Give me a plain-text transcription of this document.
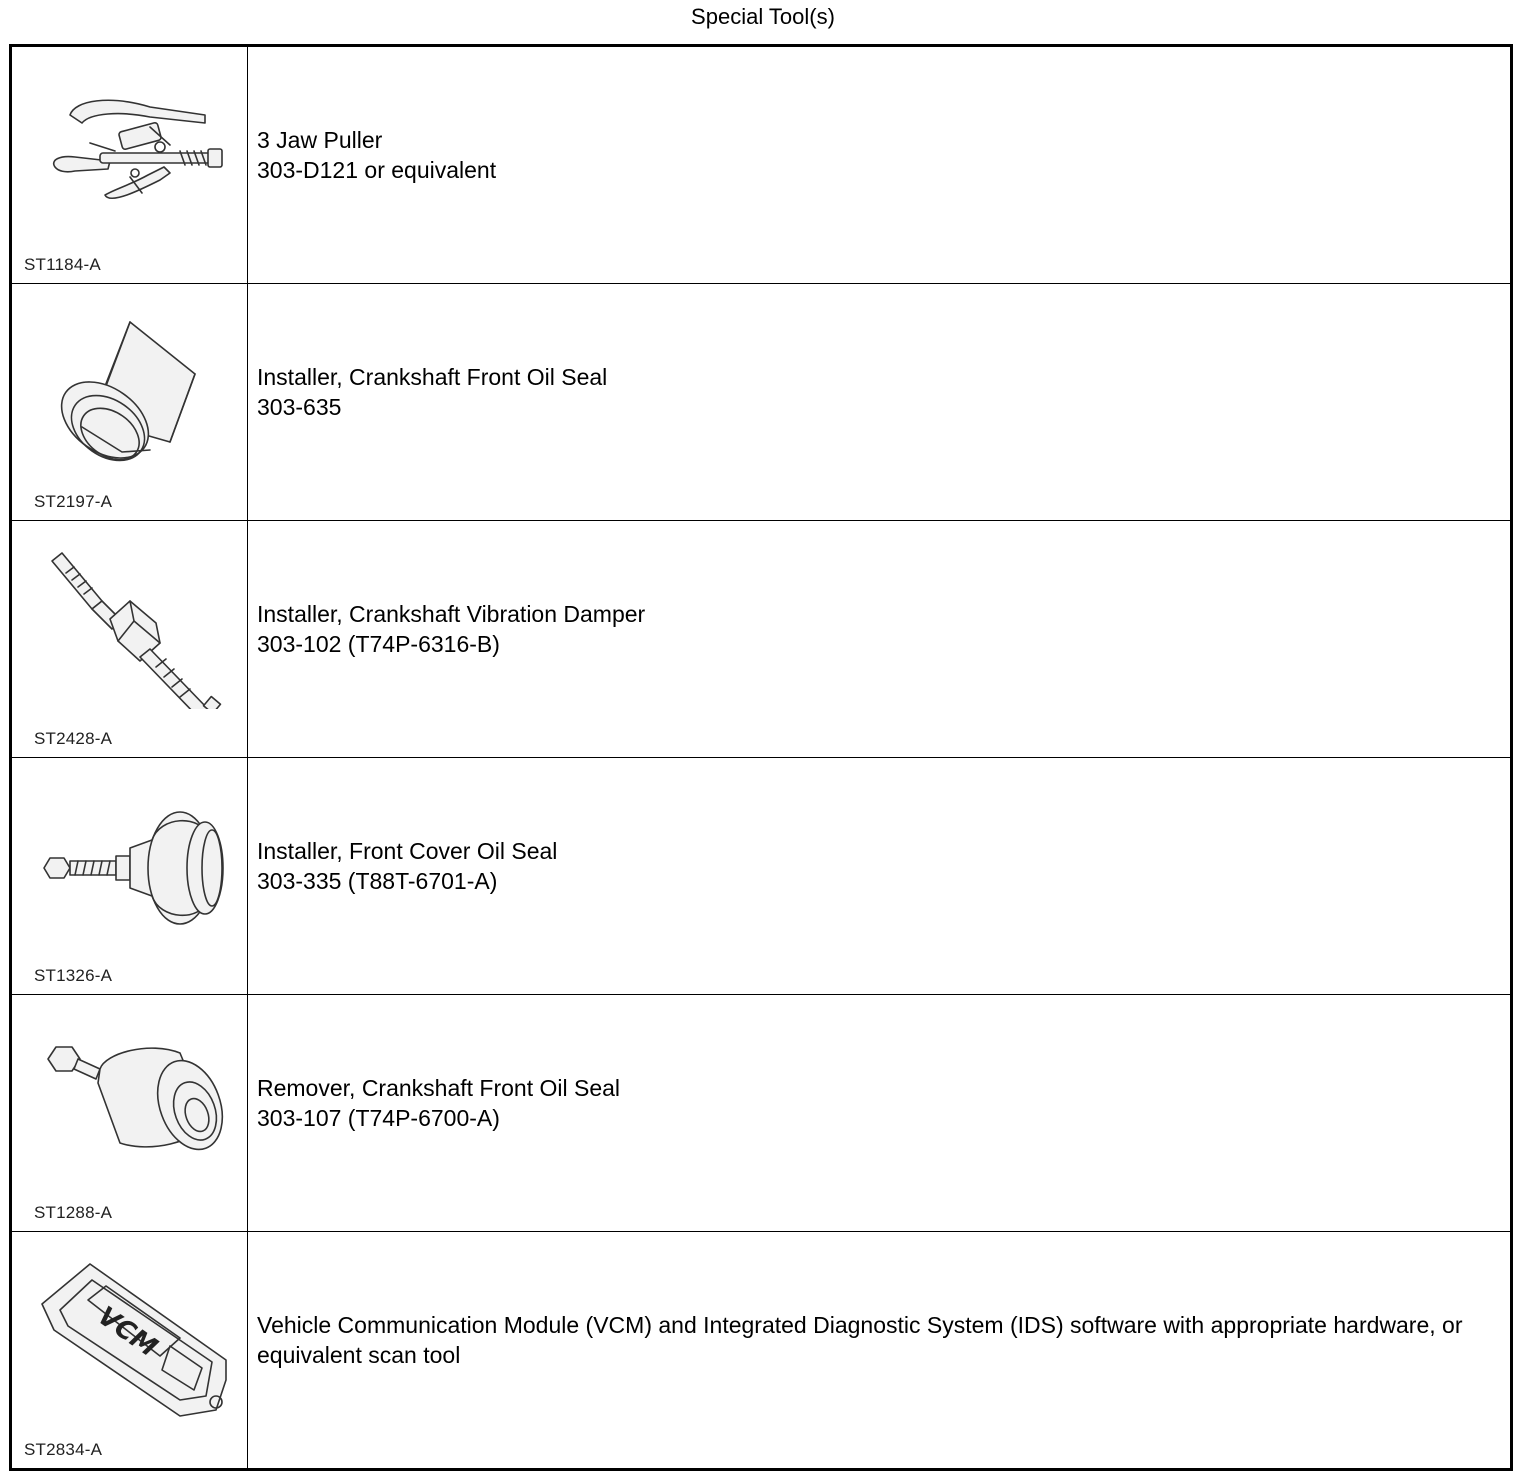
Special Tool(s)
ST1184-A
3 Jaw Puller
303-D121 or equivalent
ST2197-A
Installer, Crankshaft Front Oil Seal
303-635
ST2428-A
Installer, Crankshaft Vibration Damper
303-102 (T74P-6316-B)
ST1326-A
Installer, Front Cover Oil Seal
303-335 (T88T-6701-A)
ST1288-A
Remover, Crankshaft Front Oil Seal
303-107 (T74P-6700-A)
VCM
ST2834-A
Vehicle Communication Module (VCM) and Integrated Diagnostic System (IDS) software with appropriate hardware, or equivalent scan tool
